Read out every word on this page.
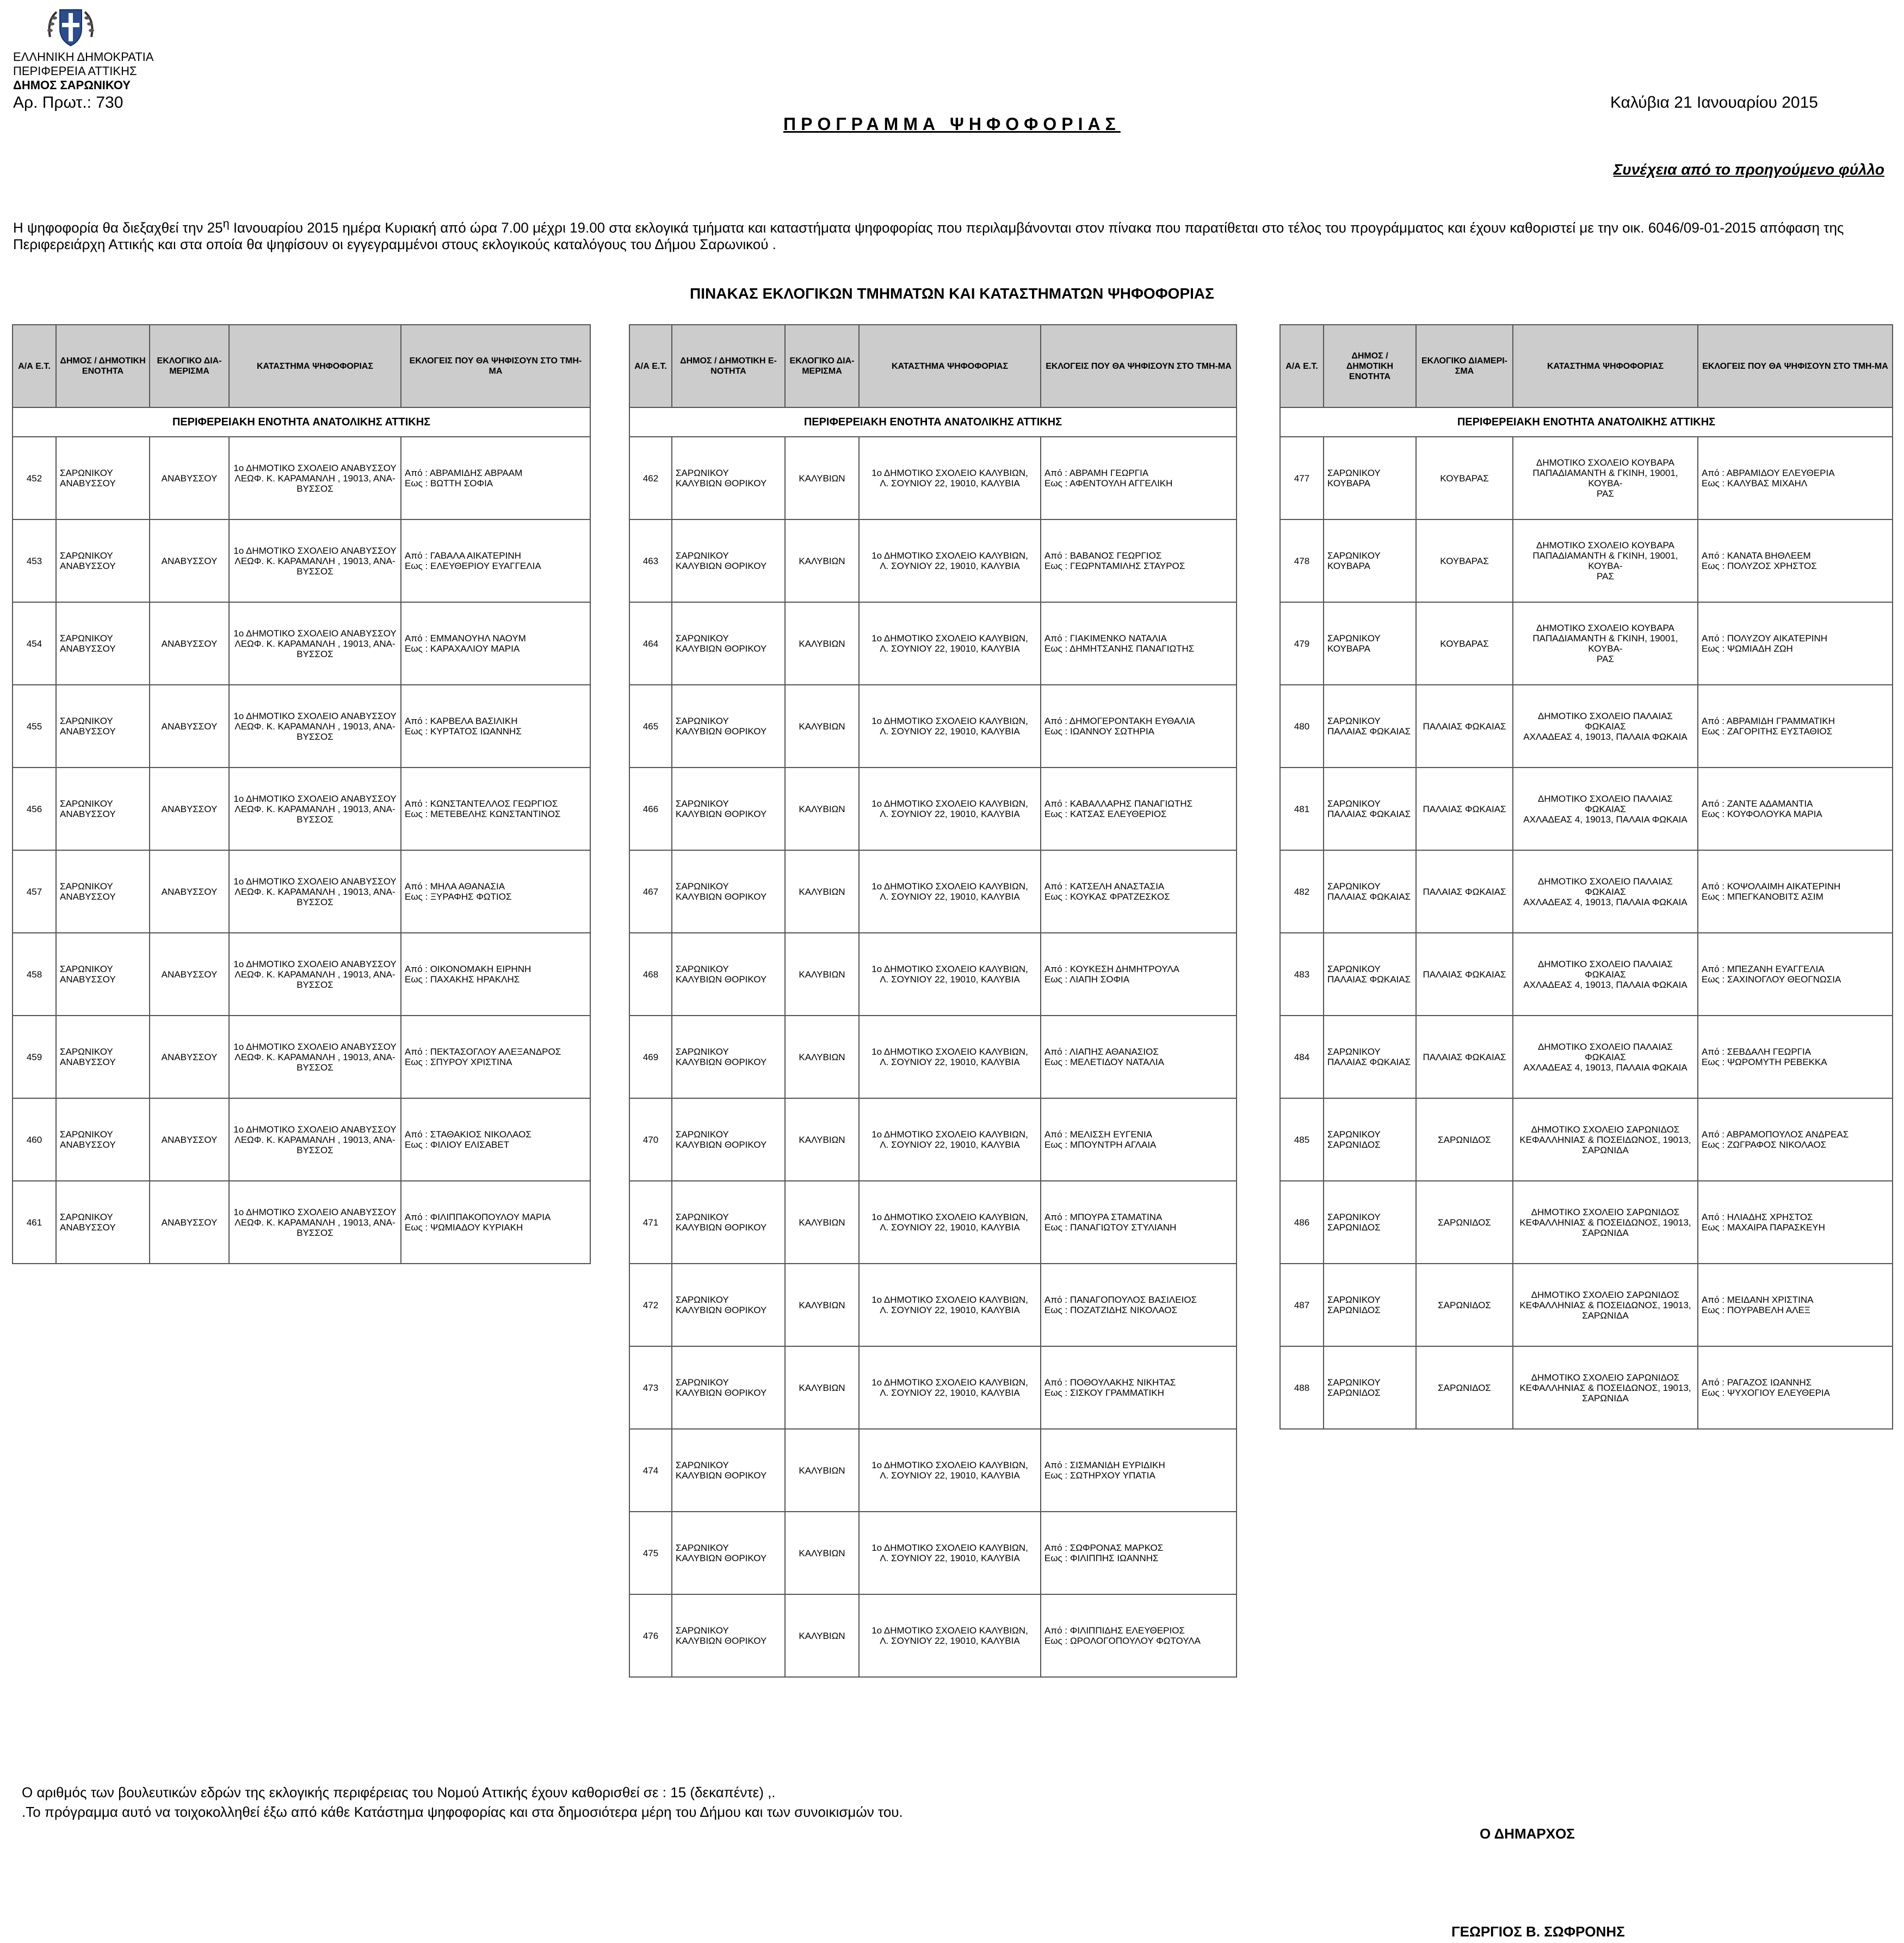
ΕΛΛΗΝΙΚΗ ΔΗΜΟΚΡΑΤΙΑ
ΠΕΡΙΦΕΡΕΙΑ ΑΤΤΙΚΗΣ
ΔΗΜΟΣ ΣΑΡΩΝΙΚΟΥ
Αρ. Πρωτ.: 730	Καλύβια 21 Ιανουαρίου 2015
ΠΡΟΓΡΑΜΜΑ ΨΗΦΟΦΟΡΙΑΣ
Συνέχεια από το προηγούμενο φύλλο
Η ψηφοφορία θα διεξαχθεί την $25^\eta$ Ιανουαρίου 2015 ημέρα Κυριακή από ώρα 7.00 μέχρι 19.00 στα εκλογικά τμήματα και καταστήματα ψηφοφορίας που περιλαμβάνονται στον πίνακα που παρατίθεται στο τέλος του προγράμματος και έχουν καθοριστεί με την οικ. 6046/09-01-2015 απόφαση της Περιφερειάρχη Αττικής και στα οποία θα ψηφίσουν οι εγγεγραμμένοι στους εκλογικούς καταλόγους του Δήμου Σαρωνικού .
ΠΙΝΑΚΑΣ ΕΚΛΟΓΙΚΩΝ ΤΜΗΜΑΤΩΝ ΚΑΙ ΚΑΤΑΣΤΗΜΑΤΩΝ ΨΗΦΟΦΟΡΙΑΣ
Α/Α Ε.Τ.	ΔΗΜΟΣ / ΔΗΜΟΤΙΚΗ ΕΝΟΤΗΤΑ	ΕΚΛΟΓΙΚΟ ΔΙΑ-ΜΕΡΙΣΜΑ	ΚΑΤΑΣΤΗΜΑ ΨΗΦΟΦΟΡΙΑΣ	ΕΚΛΟΓΕΙΣ ΠΟΥ ΘΑ ΨΗΦΙΣΟΥΝ ΣΤΟ ΤΜΗ-ΜΑ
ΠΕΡΙΦΕΡΕΙΑΚΗ ΕΝΟΤΗΤΑ ΑΝΑΤΟΛΙΚΗΣ ΑΤΤΙΚΗΣ				
452	ΣΑΡΩΝΙΚΟΥ
ΑΝΑΒΥΣΣΟΥ	ΑΝΑΒΥΣΣΟΥ	1ο ΔΗΜΟΤΙΚΟ ΣΧΟΛΕΙΟ ΑΝΑΒΥΣΣΟΥ
ΛΕΩΦ. Κ. ΚΑΡΑΜΑΝΛΗ , 19013, ΑΝΑ-
ΒΥΣΣΟΣ	Από : ΑΒΡΑΜΙΔΗΣ ΑΒΡΑΑΜ
Εως : ΒΩΤΤΗ ΣΟΦΙΑ

453	ΣΑΡΩΝΙΚΟΥ
ΑΝΑΒΥΣΣΟΥ	ΑΝΑΒΥΣΣΟΥ	1ο ΔΗΜΟΤΙΚΟ ΣΧΟΛΕΙΟ ΑΝΑΒΥΣΣΟΥ
ΛΕΩΦ. Κ. ΚΑΡΑΜΑΝΛΗ , 19013, ΑΝΑ-
ΒΥΣΣΟΣ	Από : ΓΑΒΑΛΑ ΑΙΚΑΤΕΡΙΝΗ
Εως : ΕΛΕΥΘΕΡΙΟΥ ΕΥΑΓΓΕΛΙΑ

454	ΣΑΡΩΝΙΚΟΥ
ΑΝΑΒΥΣΣΟΥ	ΑΝΑΒΥΣΣΟΥ	1ο ΔΗΜΟΤΙΚΟ ΣΧΟΛΕΙΟ ΑΝΑΒΥΣΣΟΥ
ΛΕΩΦ. Κ. ΚΑΡΑΜΑΝΛΗ , 19013, ΑΝΑ-
ΒΥΣΣΟΣ	Από : ΕΜΜΑΝΟΥΗΛ ΝΑΟΥΜ
Εως : ΚΑΡΑΧΑΛΙΟΥ ΜΑΡΙΑ

455	ΣΑΡΩΝΙΚΟΥ
ΑΝΑΒΥΣΣΟΥ	ΑΝΑΒΥΣΣΟΥ	1ο ΔΗΜΟΤΙΚΟ ΣΧΟΛΕΙΟ ΑΝΑΒΥΣΣΟΥ
ΛΕΩΦ. Κ. ΚΑΡΑΜΑΝΛΗ , 19013, ΑΝΑ-
ΒΥΣΣΟΣ	Από : ΚΑΡΒΕΛΑ ΒΑΣΙΛΙΚΗ
Εως : ΚΥΡΤΑΤΟΣ ΙΩΑΝΝΗΣ

456	ΣΑΡΩΝΙΚΟΥ
ΑΝΑΒΥΣΣΟΥ	ΑΝΑΒΥΣΣΟΥ	1ο ΔΗΜΟΤΙΚΟ ΣΧΟΛΕΙΟ ΑΝΑΒΥΣΣΟΥ
ΛΕΩΦ. Κ. ΚΑΡΑΜΑΝΛΗ , 19013, ΑΝΑ-
ΒΥΣΣΟΣ	Από : ΚΩΝΣΤΑΝΤΕΛΛΟΣ ΓΕΩΡΓΙΟΣ
Εως : ΜΕΤΕΒΕΛΗΣ ΚΩΝΣΤΑΝΤΙΝΟΣ

457	ΣΑΡΩΝΙΚΟΥ
ΑΝΑΒΥΣΣΟΥ	ΑΝΑΒΥΣΣΟΥ	1ο ΔΗΜΟΤΙΚΟ ΣΧΟΛΕΙΟ ΑΝΑΒΥΣΣΟΥ
ΛΕΩΦ. Κ. ΚΑΡΑΜΑΝΛΗ , 19013, ΑΝΑ-
ΒΥΣΣΟΣ	Από : ΜΗΛΑ ΑΘΑΝΑΣΙΑ
Εως : ΞΥΡΑΦΗΣ ΦΩΤΙΟΣ

458	ΣΑΡΩΝΙΚΟΥ
ΑΝΑΒΥΣΣΟΥ	ΑΝΑΒΥΣΣΟΥ	1ο ΔΗΜΟΤΙΚΟ ΣΧΟΛΕΙΟ ΑΝΑΒΥΣΣΟΥ
ΛΕΩΦ. Κ. ΚΑΡΑΜΑΝΛΗ , 19013, ΑΝΑ-
ΒΥΣΣΟΣ	Από : ΟΙΚΟΝΟΜΑΚΗ ΕΙΡΗΝΗ
Εως : ΠΑΧΑΚΗΣ ΗΡΑΚΛΗΣ

459	ΣΑΡΩΝΙΚΟΥ
ΑΝΑΒΥΣΣΟΥ	ΑΝΑΒΥΣΣΟΥ	1ο ΔΗΜΟΤΙΚΟ ΣΧΟΛΕΙΟ ΑΝΑΒΥΣΣΟΥ
ΛΕΩΦ. Κ. ΚΑΡΑΜΑΝΛΗ , 19013, ΑΝΑ-
ΒΥΣΣΟΣ	Από : ΠΕΚΤΑΣΟΓΛΟΥ ΑΛΕΞΑΝΔΡΟΣ
Εως : ΣΠΥΡΟΥ ΧΡΙΣΤΙΝΑ

460	ΣΑΡΩΝΙΚΟΥ
ΑΝΑΒΥΣΣΟΥ	ΑΝΑΒΥΣΣΟΥ	1ο ΔΗΜΟΤΙΚΟ ΣΧΟΛΕΙΟ ΑΝΑΒΥΣΣΟΥ
ΛΕΩΦ. Κ. ΚΑΡΑΜΑΝΛΗ , 19013, ΑΝΑ-
ΒΥΣΣΟΣ	Από : ΣΤΑΘΑΚΙΟΣ ΝΙΚΟΛΑΟΣ
Εως : ΦΙΛΙΟΥ ΕΛΙΣΑΒΕΤ

461	ΣΑΡΩΝΙΚΟΥ
ΑΝΑΒΥΣΣΟΥ	ΑΝΑΒΥΣΣΟΥ	1ο ΔΗΜΟΤΙΚΟ ΣΧΟΛΕΙΟ ΑΝΑΒΥΣΣΟΥ
ΛΕΩΦ. Κ. ΚΑΡΑΜΑΝΛΗ , 19013, ΑΝΑ-
ΒΥΣΣΟΣ	Από : ΦΙΛΙΠΠΑΚΟΠΟΥΛΟΥ ΜΑΡΙΑ
Εως : ΨΩΜΙΑΔΟΥ ΚΥΡΙΑΚΗ
Α/Α Ε.Τ.	ΔΗΜΟΣ / ΔΗΜΟΤΙΚΗ Ε-ΝΟΤΗΤΑ	ΕΚΛΟΓΙΚΟ ΔΙΑ-ΜΕΡΙΣΜΑ	ΚΑΤΑΣΤΗΜΑ ΨΗΦΟΦΟΡΙΑΣ	ΕΚΛΟΓΕΙΣ ΠΟΥ ΘΑ ΨΗΦΙΣΟΥΝ ΣΤΟ ΤΜΗ-ΜΑ
ΠΕΡΙΦΕΡΕΙΑΚΗ ΕΝΟΤΗΤΑ ΑΝΑΤΟΛΙΚΗΣ ΑΤΤΙΚΗΣ				
462	ΣΑΡΩΝΙΚΟΥ
ΚΑΛΥΒΙΩΝ ΘΟΡΙΚΟΥ	ΚΑΛΥΒΙΩΝ	1ο ΔΗΜΟΤΙΚΟ ΣΧΟΛΕΙΟ ΚΑΛΥΒΙΩΝ,
Λ. ΣΟΥΝΙΟΥ 22, 19010, ΚΑΛΥΒΙΑ	Από : ΑΒΡΑΜΗ ΓΕΩΡΓΙΑ
Εως : ΑΦΕΝΤΟΥΛΗ ΑΓΓΕΛΙΚΗ

463	ΣΑΡΩΝΙΚΟΥ
ΚΑΛΥΒΙΩΝ ΘΟΡΙΚΟΥ	ΚΑΛΥΒΙΩΝ	1ο ΔΗΜΟΤΙΚΟ ΣΧΟΛΕΙΟ ΚΑΛΥΒΙΩΝ,
Λ. ΣΟΥΝΙΟΥ 22, 19010, ΚΑΛΥΒΙΑ	Από : ΒΑΒΑΝΟΣ ΓΕΩΡΓΙΟΣ
Εως : ΓΕΩΡΝΤΑΜΙΛΗΣ ΣΤΑΥΡΟΣ

464	ΣΑΡΩΝΙΚΟΥ
ΚΑΛΥΒΙΩΝ ΘΟΡΙΚΟΥ	ΚΑΛΥΒΙΩΝ	1ο ΔΗΜΟΤΙΚΟ ΣΧΟΛΕΙΟ ΚΑΛΥΒΙΩΝ,
Λ. ΣΟΥΝΙΟΥ 22, 19010, ΚΑΛΥΒΙΑ	Από : ΓΙΑΚΙΜΕΝΚΟ ΝΑΤΑΛΙΑ
Εως : ΔΗΜΗΤΣΑΝΗΣ ΠΑΝΑΓΙΩΤΗΣ

465	ΣΑΡΩΝΙΚΟΥ
ΚΑΛΥΒΙΩΝ ΘΟΡΙΚΟΥ	ΚΑΛΥΒΙΩΝ	1ο ΔΗΜΟΤΙΚΟ ΣΧΟΛΕΙΟ ΚΑΛΥΒΙΩΝ,
Λ. ΣΟΥΝΙΟΥ 22, 19010, ΚΑΛΥΒΙΑ	Από : ΔΗΜΟΓΕΡΟΝΤΑΚΗ ΕΥΘΑΛΙΑ
Εως : ΙΩΑΝΝΟΥ ΣΩΤΗΡΙΑ

466	ΣΑΡΩΝΙΚΟΥ
ΚΑΛΥΒΙΩΝ ΘΟΡΙΚΟΥ	ΚΑΛΥΒΙΩΝ	1ο ΔΗΜΟΤΙΚΟ ΣΧΟΛΕΙΟ ΚΑΛΥΒΙΩΝ,
Λ. ΣΟΥΝΙΟΥ 22, 19010, ΚΑΛΥΒΙΑ	Από : ΚΑΒΑΛΛΑΡΗΣ ΠΑΝΑΓΙΩΤΗΣ
Εως : ΚΑΤΣΑΣ ΕΛΕΥΘΕΡΙΟΣ

467	ΣΑΡΩΝΙΚΟΥ
ΚΑΛΥΒΙΩΝ ΘΟΡΙΚΟΥ	ΚΑΛΥΒΙΩΝ	1ο ΔΗΜΟΤΙΚΟ ΣΧΟΛΕΙΟ ΚΑΛΥΒΙΩΝ,
Λ. ΣΟΥΝΙΟΥ 22, 19010, ΚΑΛΥΒΙΑ	Από : ΚΑΤΣΕΛΗ ΑΝΑΣΤΑΣΙΑ
Εως : ΚΟΥΚΑΣ ΦΡΑΤΖΕΣΚΟΣ

468	ΣΑΡΩΝΙΚΟΥ
ΚΑΛΥΒΙΩΝ ΘΟΡΙΚΟΥ	ΚΑΛΥΒΙΩΝ	1ο ΔΗΜΟΤΙΚΟ ΣΧΟΛΕΙΟ ΚΑΛΥΒΙΩΝ,
Λ. ΣΟΥΝΙΟΥ 22, 19010, ΚΑΛΥΒΙΑ	Από : ΚΟΥΚΕΣΗ ΔΗΜΗΤΡΟΥΛΑ
Εως : ΛΙΑΠΗ ΣΟΦΙΑ

469	ΣΑΡΩΝΙΚΟΥ
ΚΑΛΥΒΙΩΝ ΘΟΡΙΚΟΥ	ΚΑΛΥΒΙΩΝ	1ο ΔΗΜΟΤΙΚΟ ΣΧΟΛΕΙΟ ΚΑΛΥΒΙΩΝ,
Λ. ΣΟΥΝΙΟΥ 22, 19010, ΚΑΛΥΒΙΑ	Από : ΛΙΑΠΗΣ ΑΘΑΝΑΣΙΟΣ
Εως : ΜΕΛΕΤΙΔΟΥ ΝΑΤΑΛΙΑ

470	ΣΑΡΩΝΙΚΟΥ
ΚΑΛΥΒΙΩΝ ΘΟΡΙΚΟΥ	ΚΑΛΥΒΙΩΝ	1ο ΔΗΜΟΤΙΚΟ ΣΧΟΛΕΙΟ ΚΑΛΥΒΙΩΝ,
Λ. ΣΟΥΝΙΟΥ 22, 19010, ΚΑΛΥΒΙΑ	Από : ΜΕΛΙΣΣΗ ΕΥΓΕΝΙΑ
Εως : ΜΠΟΥΝΤΡΗ ΑΓΛΑΙΑ

471	ΣΑΡΩΝΙΚΟΥ
ΚΑΛΥΒΙΩΝ ΘΟΡΙΚΟΥ	ΚΑΛΥΒΙΩΝ	1ο ΔΗΜΟΤΙΚΟ ΣΧΟΛΕΙΟ ΚΑΛΥΒΙΩΝ,
Λ. ΣΟΥΝΙΟΥ 22, 19010, ΚΑΛΥΒΙΑ	Από : ΜΠΟΥΡΑ ΣΤΑΜΑΤΙΝΑ
Εως : ΠΑΝΑΓΙΩΤΟΥ ΣΤΥΛΙΑΝΗ

472	ΣΑΡΩΝΙΚΟΥ
ΚΑΛΥΒΙΩΝ ΘΟΡΙΚΟΥ	ΚΑΛΥΒΙΩΝ	1ο ΔΗΜΟΤΙΚΟ ΣΧΟΛΕΙΟ ΚΑΛΥΒΙΩΝ,
Λ. ΣΟΥΝΙΟΥ 22, 19010, ΚΑΛΥΒΙΑ	Από : ΠΑΝΑΓΟΠΟΥΛΟΣ ΒΑΣΙΛΕΙΟΣ
Εως : ΠΟΖΑΤΖΙΔΗΣ ΝΙΚΟΛΑΟΣ

473	ΣΑΡΩΝΙΚΟΥ
ΚΑΛΥΒΙΩΝ ΘΟΡΙΚΟΥ	ΚΑΛΥΒΙΩΝ	1ο ΔΗΜΟΤΙΚΟ ΣΧΟΛΕΙΟ ΚΑΛΥΒΙΩΝ,
Λ. ΣΟΥΝΙΟΥ 22, 19010, ΚΑΛΥΒΙΑ	Από : ΠΟΘΟΥΛΑΚΗΣ ΝΙΚΗΤΑΣ
Εως : ΣΙΣΚΟΥ ΓΡΑΜΜΑΤΙΚΗ

474	ΣΑΡΩΝΙΚΟΥ
ΚΑΛΥΒΙΩΝ ΘΟΡΙΚΟΥ	ΚΑΛΥΒΙΩΝ	1ο ΔΗΜΟΤΙΚΟ ΣΧΟΛΕΙΟ ΚΑΛΥΒΙΩΝ,
Λ. ΣΟΥΝΙΟΥ 22, 19010, ΚΑΛΥΒΙΑ	Από : ΣΙΣΜΑΝΙΔΗ ΕΥΡΙΔΙΚΗ
Εως : ΣΩΤΗΡΧΟΥ ΥΠΑΤΙΑ

475	ΣΑΡΩΝΙΚΟΥ
ΚΑΛΥΒΙΩΝ ΘΟΡΙΚΟΥ	ΚΑΛΥΒΙΩΝ	1ο ΔΗΜΟΤΙΚΟ ΣΧΟΛΕΙΟ ΚΑΛΥΒΙΩΝ,
Λ. ΣΟΥΝΙΟΥ 22, 19010, ΚΑΛΥΒΙΑ	Από : ΣΩΦΡΟΝΑΣ ΜΑΡΚΟΣ
Εως : ΦΙΛΙΠΠΗΣ ΙΩΑΝΝΗΣ

476	ΣΑΡΩΝΙΚΟΥ
ΚΑΛΥΒΙΩΝ ΘΟΡΙΚΟΥ	ΚΑΛΥΒΙΩΝ	1ο ΔΗΜΟΤΙΚΟ ΣΧΟΛΕΙΟ ΚΑΛΥΒΙΩΝ,
Λ. ΣΟΥΝΙΟΥ 22, 19010, ΚΑΛΥΒΙΑ	Από : ΦΙΛΙΠΠΙΔΗΣ ΕΛΕΥΘΕΡΙΟΣ
Εως : ΩΡΟΛΟΓΟΠΟΥΛΟΥ ΦΩΤΟΥΛΑ
Α/Α Ε.Τ.	ΔΗΜΟΣ / ΔΗΜΟΤΙΚΗ ΕΝΟΤΗΤΑ	ΕΚΛΟΓΙΚΟ ΔΙΑΜΕΡΙ-ΣΜΑ	ΚΑΤΑΣΤΗΜΑ ΨΗΦΟΦΟΡΙΑΣ	ΕΚΛΟΓΕΙΣ ΠΟΥ ΘΑ ΨΗΦΙΣΟΥΝ ΣΤΟ ΤΜΗ-ΜΑ
ΠΕΡΙΦΕΡΕΙΑΚΗ ΕΝΟΤΗΤΑ ΑΝΑΤΟΛΙΚΗΣ ΑΤΤΙΚΗΣ				
477	ΣΑΡΩΝΙΚΟΥ
ΚΟΥΒΑΡΑ	ΚΟΥΒΑΡΑΣ	ΔΗΜΟΤΙΚΟ ΣΧΟΛΕΙΟ ΚΟΥΒΑΡΑ
ΠΑΠΑΔΙΑΜΑΝΤΗ & ΓΚΙΝΗ, 19001, ΚΟΥΒΑ-
ΡΑΣ	Από : ΑΒΡΑΜΙΔΟΥ ΕΛΕΥΘΕΡΙΑ
Εως : ΚΑΛΥΒΑΣ ΜΙΧΑΗΛ

478	ΣΑΡΩΝΙΚΟΥ
ΚΟΥΒΑΡΑ	ΚΟΥΒΑΡΑΣ	ΔΗΜΟΤΙΚΟ ΣΧΟΛΕΙΟ ΚΟΥΒΑΡΑ
ΠΑΠΑΔΙΑΜΑΝΤΗ & ΓΚΙΝΗ, 19001, ΚΟΥΒΑ-
ΡΑΣ	Από : ΚΑΝΑΤΑ ΒΗΘΛΕΕΜ
Εως : ΠΟΛΥΖΟΣ ΧΡΗΣΤΟΣ

479	ΣΑΡΩΝΙΚΟΥ
ΚΟΥΒΑΡΑ	ΚΟΥΒΑΡΑΣ	ΔΗΜΟΤΙΚΟ ΣΧΟΛΕΙΟ ΚΟΥΒΑΡΑ
ΠΑΠΑΔΙΑΜΑΝΤΗ & ΓΚΙΝΗ, 19001, ΚΟΥΒΑ-
ΡΑΣ	Από : ΠΟΛΥΖΟΥ ΑΙΚΑΤΕΡΙΝΗ
Εως : ΨΩΜΙΑΔΗ ΖΩΗ

480	ΣΑΡΩΝΙΚΟΥ
ΠΑΛΑΙΑΣ ΦΩΚΑΙΑΣ	ΠΑΛΑΙΑΣ ΦΩΚΑΙΑΣ	ΔΗΜΟΤΙΚΟ ΣΧΟΛΕΙΟ ΠΑΛΑΙΑΣ ΦΩΚΑΙΑΣ
ΑΧΛΑΔΕΑΣ 4, 19013, ΠΑΛΑΙΑ ΦΩΚΑΙΑ	Από : ΑΒΡΑΜΙΔΗ ΓΡΑΜΜΑΤΙΚΗ
Εως : ΖΑΓΟΡΙΤΗΣ ΕΥΣΤΑΘΙΟΣ

481	ΣΑΡΩΝΙΚΟΥ
ΠΑΛΑΙΑΣ ΦΩΚΑΙΑΣ	ΠΑΛΑΙΑΣ ΦΩΚΑΙΑΣ	ΔΗΜΟΤΙΚΟ ΣΧΟΛΕΙΟ ΠΑΛΑΙΑΣ ΦΩΚΑΙΑΣ
ΑΧΛΑΔΕΑΣ 4, 19013, ΠΑΛΑΙΑ ΦΩΚΑΙΑ	Από : ΖΑΝΤΕ ΑΔΑΜΑΝΤΙΑ
Εως : ΚΟΥΦΟΛΟΥΚΑ ΜΑΡΙΑ

482	ΣΑΡΩΝΙΚΟΥ
ΠΑΛΑΙΑΣ ΦΩΚΑΙΑΣ	ΠΑΛΑΙΑΣ ΦΩΚΑΙΑΣ	ΔΗΜΟΤΙΚΟ ΣΧΟΛΕΙΟ ΠΑΛΑΙΑΣ ΦΩΚΑΙΑΣ
ΑΧΛΑΔΕΑΣ 4, 19013, ΠΑΛΑΙΑ ΦΩΚΑΙΑ	Από : ΚΟΨΟΛΑΙΜΗ ΑΙΚΑΤΕΡΙΝΗ
Εως : ΜΠΕΓΚΑΝΟΒΙΤΣ ΑΣΙΜ

483	ΣΑΡΩΝΙΚΟΥ
ΠΑΛΑΙΑΣ ΦΩΚΑΙΑΣ	ΠΑΛΑΙΑΣ ΦΩΚΑΙΑΣ	ΔΗΜΟΤΙΚΟ ΣΧΟΛΕΙΟ ΠΑΛΑΙΑΣ ΦΩΚΑΙΑΣ
ΑΧΛΑΔΕΑΣ 4, 19013, ΠΑΛΑΙΑ ΦΩΚΑΙΑ	Από : ΜΠΕΖΑΝΗ ΕΥΑΓΓΕΛΙΑ
Εως : ΣΑΧΙΝΟΓΛΟΥ ΘΕΟΓΝΩΣΙΑ

484	ΣΑΡΩΝΙΚΟΥ
ΠΑΛΑΙΑΣ ΦΩΚΑΙΑΣ	ΠΑΛΑΙΑΣ ΦΩΚΑΙΑΣ	ΔΗΜΟΤΙΚΟ ΣΧΟΛΕΙΟ ΠΑΛΑΙΑΣ ΦΩΚΑΙΑΣ
ΑΧΛΑΔΕΑΣ 4, 19013, ΠΑΛΑΙΑ ΦΩΚΑΙΑ	Από : ΣΕΒΔΑΛΗ ΓΕΩΡΓΙΑ
Εως : ΨΩΡΟΜΥΤΗ ΡΕΒΕΚΚΑ

485	ΣΑΡΩΝΙΚΟΥ
ΣΑΡΩΝΙΔΟΣ	ΣΑΡΩΝΙΔΟΣ	ΔΗΜΟΤΙΚΟ ΣΧΟΛΕΙΟ ΣΑΡΩΝΙΔΟΣ
ΚΕΦΑΛΛΗΝΙΑΣ & ΠΟΣΕΙΔΩΝΟΣ, 19013,
ΣΑΡΩΝΙΔΑ	Από : ΑΒΡΑΜΟΠΟΥΛΟΣ ΑΝΔΡΕΑΣ
Εως : ΖΩΓΡΑΦΟΣ ΝΙΚΟΛΑΟΣ

486	ΣΑΡΩΝΙΚΟΥ
ΣΑΡΩΝΙΔΟΣ	ΣΑΡΩΝΙΔΟΣ	ΔΗΜΟΤΙΚΟ ΣΧΟΛΕΙΟ ΣΑΡΩΝΙΔΟΣ
ΚΕΦΑΛΛΗΝΙΑΣ & ΠΟΣΕΙΔΩΝΟΣ, 19013,
ΣΑΡΩΝΙΔΑ	Από : ΗΛΙΑΔΗΣ ΧΡΗΣΤΟΣ
Εως : ΜΑΧΑΙΡΑ ΠΑΡΑΣΚΕΥΗ

487	ΣΑΡΩΝΙΚΟΥ
ΣΑΡΩΝΙΔΟΣ	ΣΑΡΩΝΙΔΟΣ	ΔΗΜΟΤΙΚΟ ΣΧΟΛΕΙΟ ΣΑΡΩΝΙΔΟΣ
ΚΕΦΑΛΛΗΝΙΑΣ & ΠΟΣΕΙΔΩΝΟΣ, 19013,
ΣΑΡΩΝΙΔΑ	Από : ΜΕΙΔΑΝΗ ΧΡΙΣΤΙΝΑ
Εως : ΠΟΥΡΑΒΕΛΗ ΑΛΕΞ

488	ΣΑΡΩΝΙΚΟΥ
ΣΑΡΩΝΙΔΟΣ	ΣΑΡΩΝΙΔΟΣ	ΔΗΜΟΤΙΚΟ ΣΧΟΛΕΙΟ ΣΑΡΩΝΙΔΟΣ
ΚΕΦΑΛΛΗΝΙΑΣ & ΠΟΣΕΙΔΩΝΟΣ, 19013,
ΣΑΡΩΝΙΔΑ	Από : ΡΑΓΑΖΟΣ ΙΩΑΝΝΗΣ
Εως : ΨΥΧΟΓΙΟΥ ΕΛΕΥΘΕΡΙΑ
Ο αριθμός των βουλευτικών εδρών της εκλογικής περιφέρειας του Νομού Αττικής έχουν καθορισθεί σε : 15 (δεκαπέντε) ,.
.Το πρόγραμμα αυτό να τοιχοκολληθεί έξω από κάθε Κατάστημα ψηφοφορίας και στα δημοσιότερα μέρη του Δήμου και των συνοικισμών του.
Ο ΔΗΜΑΡΧΟΣ
ΓΕΩΡΓΙΟΣ Β. ΣΩΦΡΟΝΗΣ
